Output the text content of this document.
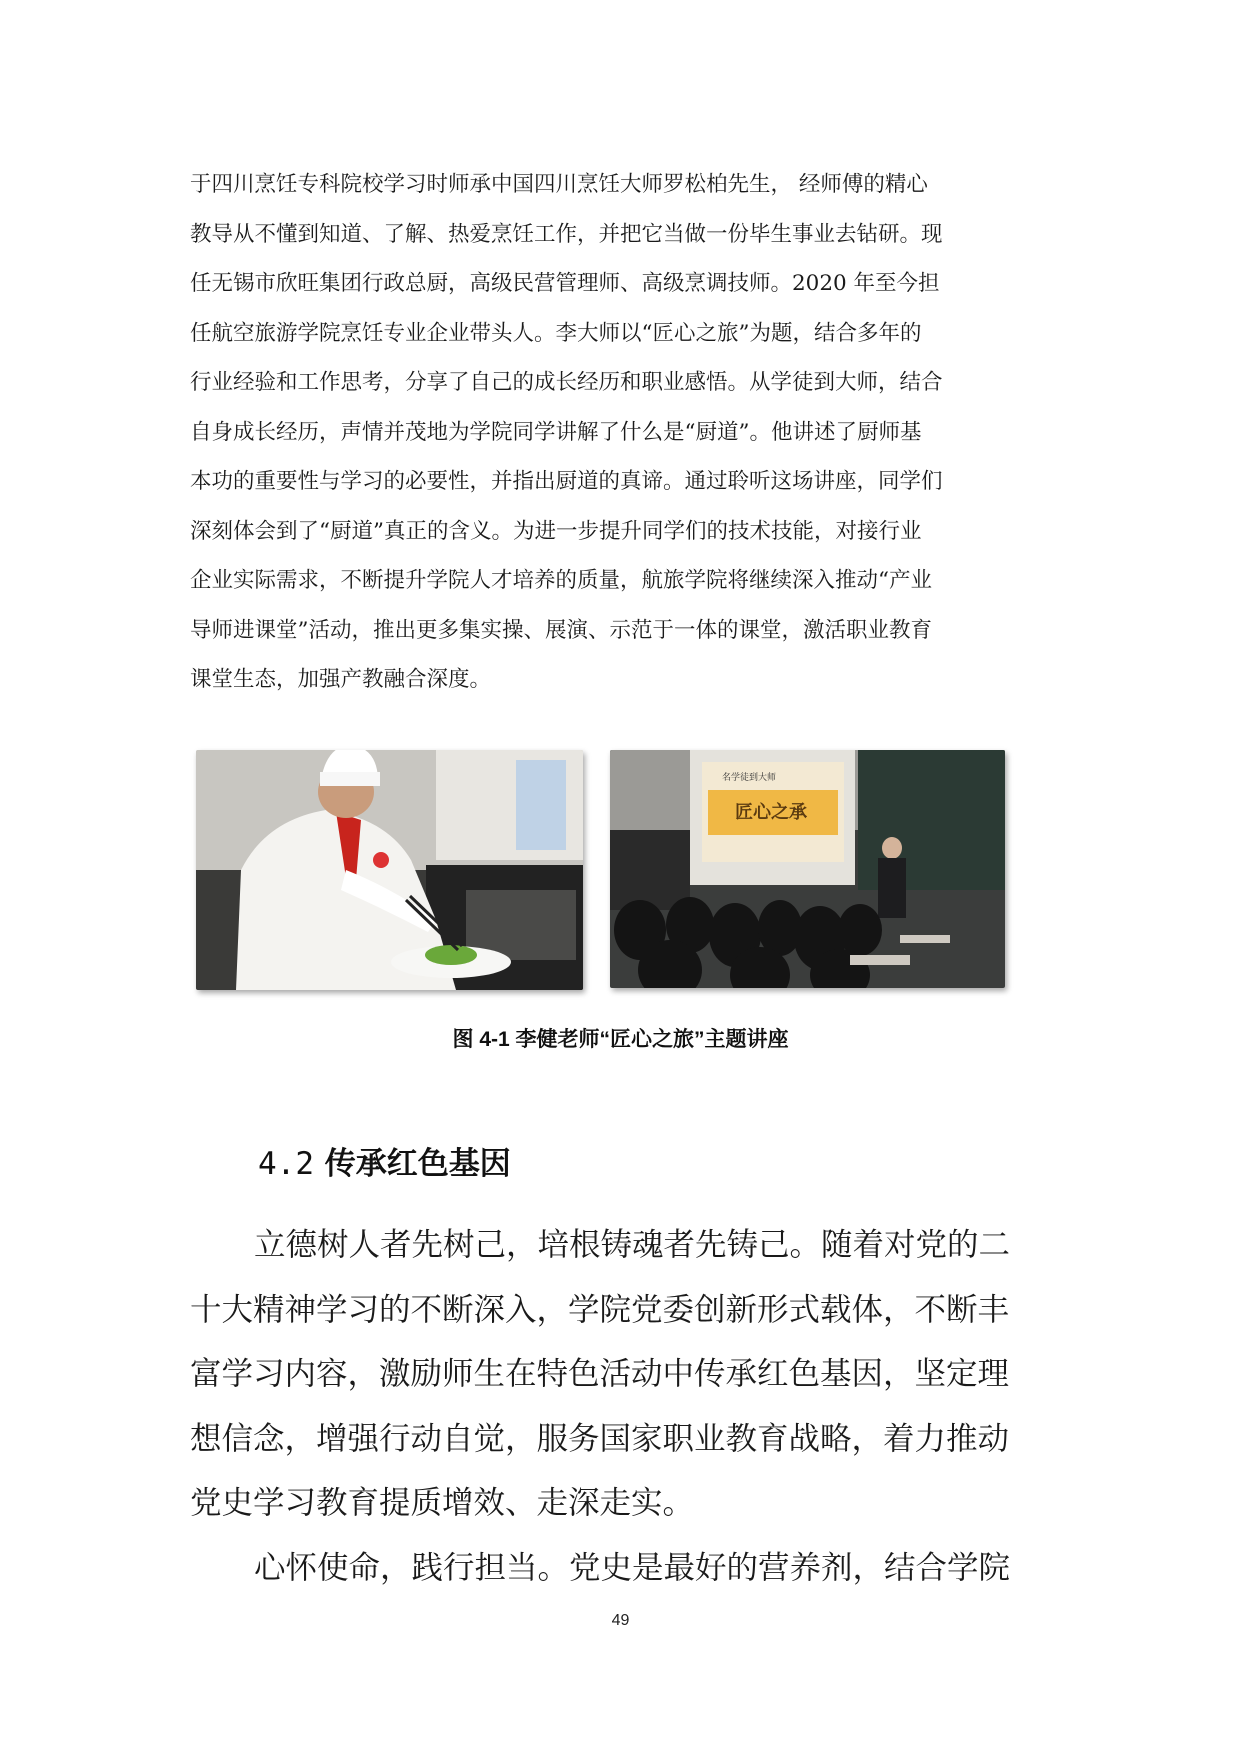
于四川烹饪专科院校学习时师承中国四川烹饪大师罗松柏先生， 经师傅的精心
教导从不懂到知道、了解、热爱烹饪工作，并把它当做一份毕生事业去钻研。现
任无锡市欣旺集团行政总厨，高级民营管理师、高级烹调技师。2020 年至今担
任航空旅游学院烹饪专业企业带头人。李大师以“匠心之旅”为题，结合多年的
行业经验和工作思考，分享了自己的成长经历和职业感悟。从学徒到大师，结合
自身成长经历，声情并茂地为学院同学讲解了什么是“厨道”。他讲述了厨师基
本功的重要性与学习的必要性，并指出厨道的真谛。通过聆听这场讲座，同学们
深刻体会到了“厨道”真正的含义。为进一步提升同学们的技术技能，对接行业
企业实际需求，不断提升学院人才培养的质量，航旅学院将继续深入推动“产业
导师进课堂”活动，推出更多集实操、展演、示范于一体的课堂，激活职业教育
课堂生态，加强产教融合深度。
名学徒到大师
匠心之承
图 4-1 李健老师“匠心之旅”主题讲座
4.2 传承红色基因
立德树人者先树己，培根铸魂者先铸己。随着对党的二
十大精神学习的不断深入，学院党委创新形式载体，不断丰
富学习内容，激励师生在特色活动中传承红色基因，坚定理
想信念，增强行动自觉，服务国家职业教育战略，着力推动
党史学习教育提质增效、走深走实。
心怀使命，践行担当。党史是最好的营养剂，结合学院
49
